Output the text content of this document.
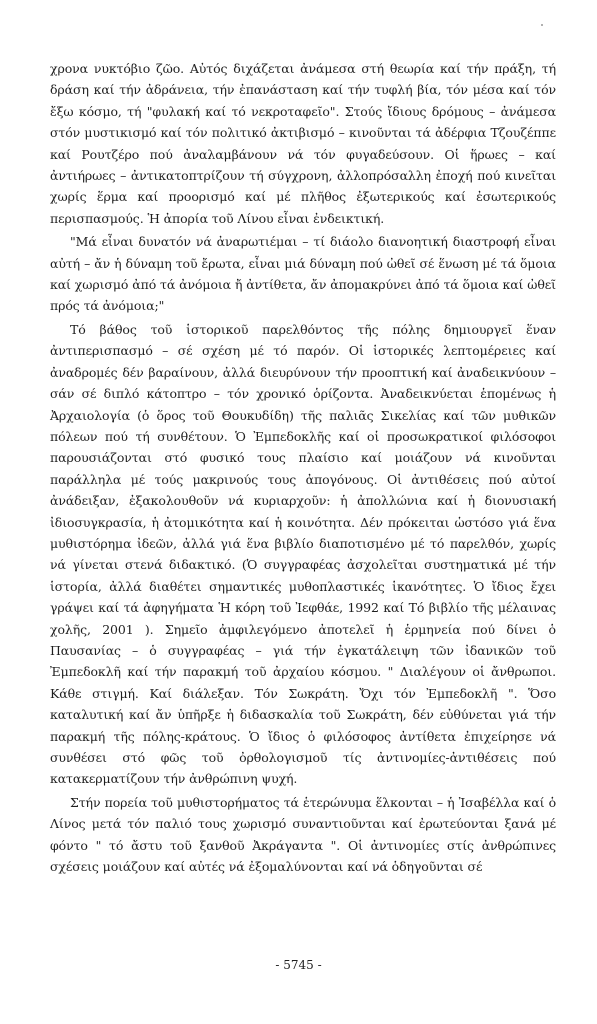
χρονα νυκτόβιο ζῶο. Αὐτός διχάζεται ἀνάμεσα στή θεωρία καί τήν πράξη, τή δράση καί τήν ἀδράνεια, τήν ἐπανάσταση καί τήν τυφλή βία, τόν μέσα καί τόν ἔξω κόσμο, τή "φυλακή καί τό νεκροταφεῖο". Στούς ἴδιους δρόμους – ἀνάμεσα στόν μυστικισμό καί τόν πολιτικό ἀκτιβισμό – κινοῦνται τά ἀδέρφια Τζουζέππε καί Ρουτζέρο πού ἀναλαμβάνουν νά τόν φυγαδεύσουν. Οἱ ἥρωες – καί ἀντιήρωες – ἀντικατοπτρίζουν τή σύγχρονη, ἀλλοπρόσαλλη ἐποχή πού κινεῖται χωρίς ἕρμα καί προορισμό καί μέ πλῆθος ἐξωτερικούς καί ἐσωτερικούς περισπασμούς. Ἡ ἀπορία τοῦ Λίνου εἶναι ἐνδεικτική.

"Μά εἶναι δυνατόν νά ἀναρωτιέμαι – τί διάολο διανοητική διαστροφή εἶναι αὐτή – ἄν ἡ δύναμη τοῦ ἔρωτα, εἶναι μιά δύναμη πού ὠθεῖ σέ ἕνωση μέ τά ὅμοια καί χωρισμό ἀπό τά ἀνόμοια ἤ ἀντίθετα, ἄν ἀπομακρύνει ἀπό τά ὅμοια καί ὠθεῖ πρός τά ἀνόμοια;"

Τό βάθος τοῦ ἱστορικοῦ παρελθόντος τῆς πόλης δημιουργεῖ ἕναν ἀντιπερισπασμό – σέ σχέση μέ τό παρόν. Οἱ ἱστορικές λεπτομέρειες καί ἀναδρομές δέν βαραίνουν, ἀλλά διευρύνουν τήν προοπτική καί ἀναδεικνύουν – σάν σέ διπλό κάτοπτρο – τόν χρονικό ὁρίζοντα. Ἀναδεικνύεται ἑπομένως ἡ Ἀρχαιολογία (ὁ ὅρος τοῦ Θουκυδίδη) τῆς παλιᾶς Σικελίας καί τῶν μυθικῶν πόλεων πού τή συνθέτουν. Ὁ Ἐμπεδοκλῆς καί οἱ προσωκρατικοί φιλόσοφοι παρουσιάζονται στό φυσικό τους πλαίσιο καί μοιάζουν νά κινοῦνται παράλληλα μέ τούς μακρινούς τους ἀπογόνους. Οἱ ἀντιθέσεις πού αὐτοί ἀνάδειξαν, ἐξακολουθοῦν νά κυριαρχοῦν: ἡ ἀπολλώνια καί ἡ διονυσιακή ἰδιοσυγκρασία, ἡ ἀτομικότητα καί ἡ κοινότητα. Δέν πρόκειται ὡστόσο γιά ἕνα μυθιστόρημα ἰδεῶν, ἀλλά γιά ἕνα βιβλίο διαποτισμένο μέ τό παρελθόν, χωρίς νά γίνεται στενά διδακτικό. (Ὁ συγγραφέας ἀσχολεῖται συστηματικά μέ τήν ἱστορία, ἀλλά διαθέτει σημαντικές μυθοπλαστικές ἱκανότητες. Ὁ ἴδιος ἔχει γράψει καί τά ἀφηγήματα Ἡ κόρη τοῦ Ἰεφθάε, 1992 καί Τό βιβλίο τῆς μέλαινας χολῆς, 2001 ). Σημεῖο ἀμφιλεγόμενο ἀποτελεῖ ἡ ἑρμηνεία πού δίνει ὁ Παυσανίας – ὁ συγγραφέας – γιά τήν ἐγκατάλειψη τῶν ἰδανικῶν τοῦ Ἐμπεδοκλῆ καί τήν παρακμή τοῦ ἀρχαίου κόσμου. " Διαλέγουν οἱ ἄνθρωποι. Κάθε στιγμή. Καί διάλεξαν. Τόν Σωκράτη. Ὄχι τόν Ἐμπεδοκλῆ ". Ὅσο καταλυτική καί ἄν ὑπῆρξε ἡ διδασκαλία τοῦ Σωκράτη, δέν εὐθύνεται γιά τήν παρακμή τῆς πόλης-κράτους. Ὁ ἴδιος ὁ φιλόσοφος ἀντίθετα ἐπιχείρησε νά συνθέσει στό φῶς τοῦ ὀρθολογισμοῦ τίς ἀντινομίες-ἀντιθέσεις πού κατακερματίζουν τήν ἀνθρώπινη ψυχή.

Στήν πορεία τοῦ μυθιστορήματος τά ἑτερώνυμα ἕλκονται – ἡ Ἰσαβέλλα καί ὁ Λίνος μετά τόν παλιό τους χωρισμό συναντιοῦνται καί ἐρωτεύονται ξανά μέ φόντο " τό ἄστυ τοῦ ξανθοῦ Ἀκράγαντα ". Οἱ ἀντινομίες στίς ἀνθρώπινες σχέσεις μοιάζουν καί αὐτές νά ἐξομαλύνονται καί νά ὁδηγοῦνται σέ

- 5745 -
